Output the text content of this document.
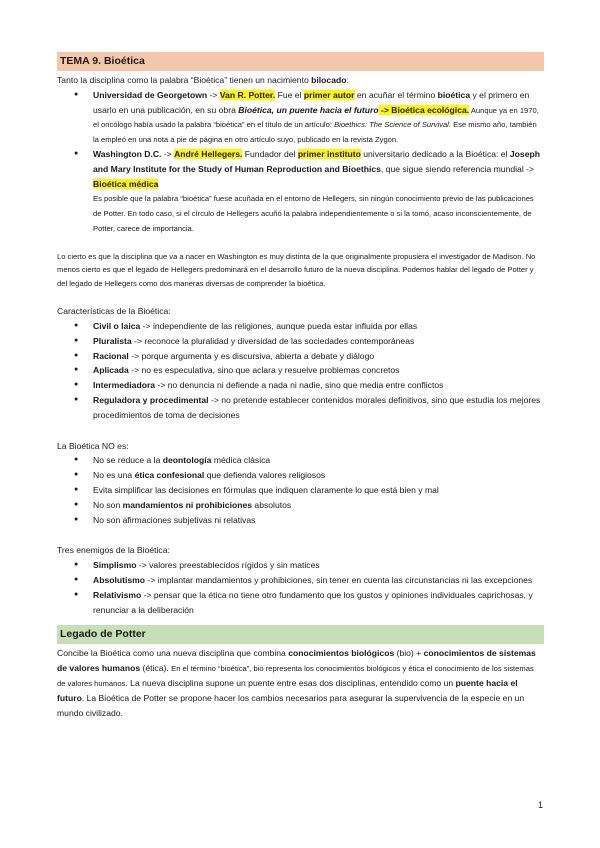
TEMA 9. Bioética

Tanto la disciplina como la palabra “Bioética” tienen un nacimiento bilocado:

● Universidad de Georgetown -> Van R. Potter. Fue el primer autor en acuñar el término bioética y el primero en usarlo en una publicación, en su obra Bioética, un puente hacia el futuro -> Bioética ecológica. Aunque ya en 1970, el oncólogo había usado la palabra “bioética” en el título de un artículo: Bioethics: The Science of Survival. Ese mismo año, también la empleó en una nota a pie de página en otro artículo suyo, publicado en la revista Zygon.
● Washington D.C. -> André Hellegers. Fundador del primer instituto universitario dedicado a la Bioética: el Joseph and Mary Institute for the Study of Human Reproduction and Bioethics, que sigue siendo referencia mundial -> Bioética médica
Es posible que la palabra “bioética” fuese acuñada en el entorno de Hellegers, sin ningún conocimiento previo de las publicaciones de Potter. En todo caso, si el círculo de Hellegers acuñó la palabra independientemente o si la tomó, acaso inconscientemente, de Potter, carece de importancia.

Lo cierto es que la disciplina que va a nacer en Washington es muy distinta de la que originalmente propusiera el investigador de Madison. No menos cierto es que el legado de Hellegers predominará en el desarrollo futuro de la nueva disciplina. Podemos hablar del legado de Potter y del legado de Hellegers como dos maneras diversas de comprender la bioética.

Características de la Bioética:

● Civil o laica -> independiente de las religiones, aunque pueda estar influida por ellas
● Pluralista -> reconoce la pluralidad y diversidad de las sociedades contemporáneas
● Racional -> porque argumenta y es discursiva, abierta a debate y diálogo
● Aplicada -> no es especulativa, sino que aclara y resuelve problemas concretos
● Intermediadora -> no denuncia ni defiende a nada ni nadie, sino que media entre conflictos
● Reguladora y procedimental -> no pretende establecer contenidos morales definitivos, sino que estudia los mejores procedimientos de toma de decisiones

La Bioética NO es:

● No se reduce a la deontología médica clásica
● No es una ética confesional que defienda valores religiosos
● Evita simplificar las decisiones en fórmulas que indiquen claramente lo que está bien y mal
● No son mandamientos ni prohibiciones absolutos
● No son afirmaciones subjetivas ni relativas

Tres enemigos de la Bioética:

● Simplismo -> valores preestablecidos rígidos y sin matices
● Absolutismo -> implantar mandamientos y prohibiciones, sin tener en cuenta las circunstancias ni las excepciones
● Relativismo -> pensar que la ética no tiene otro fundamento que los gustos y opiniones individuales caprichosas, y renunciar a la deliberación
Legado de Potter

Concibe la Bioética como una nueva disciplina que combina conocimientos biológicos (bio) + conocimientos de sistemas de valores humanos (ética). En el término “bioética”, bio representa los conocimientos biológicos y ética el conocimiento de los sistemas de valores humanos. La nueva disciplina supone un puente entre esas dos disciplinas, entendido como un puente hacia el futuro. La Bioética de Potter se propone hacer los cambios necesarios para asegurar la supervivencia de la especie en un mundo civilizado.

1
